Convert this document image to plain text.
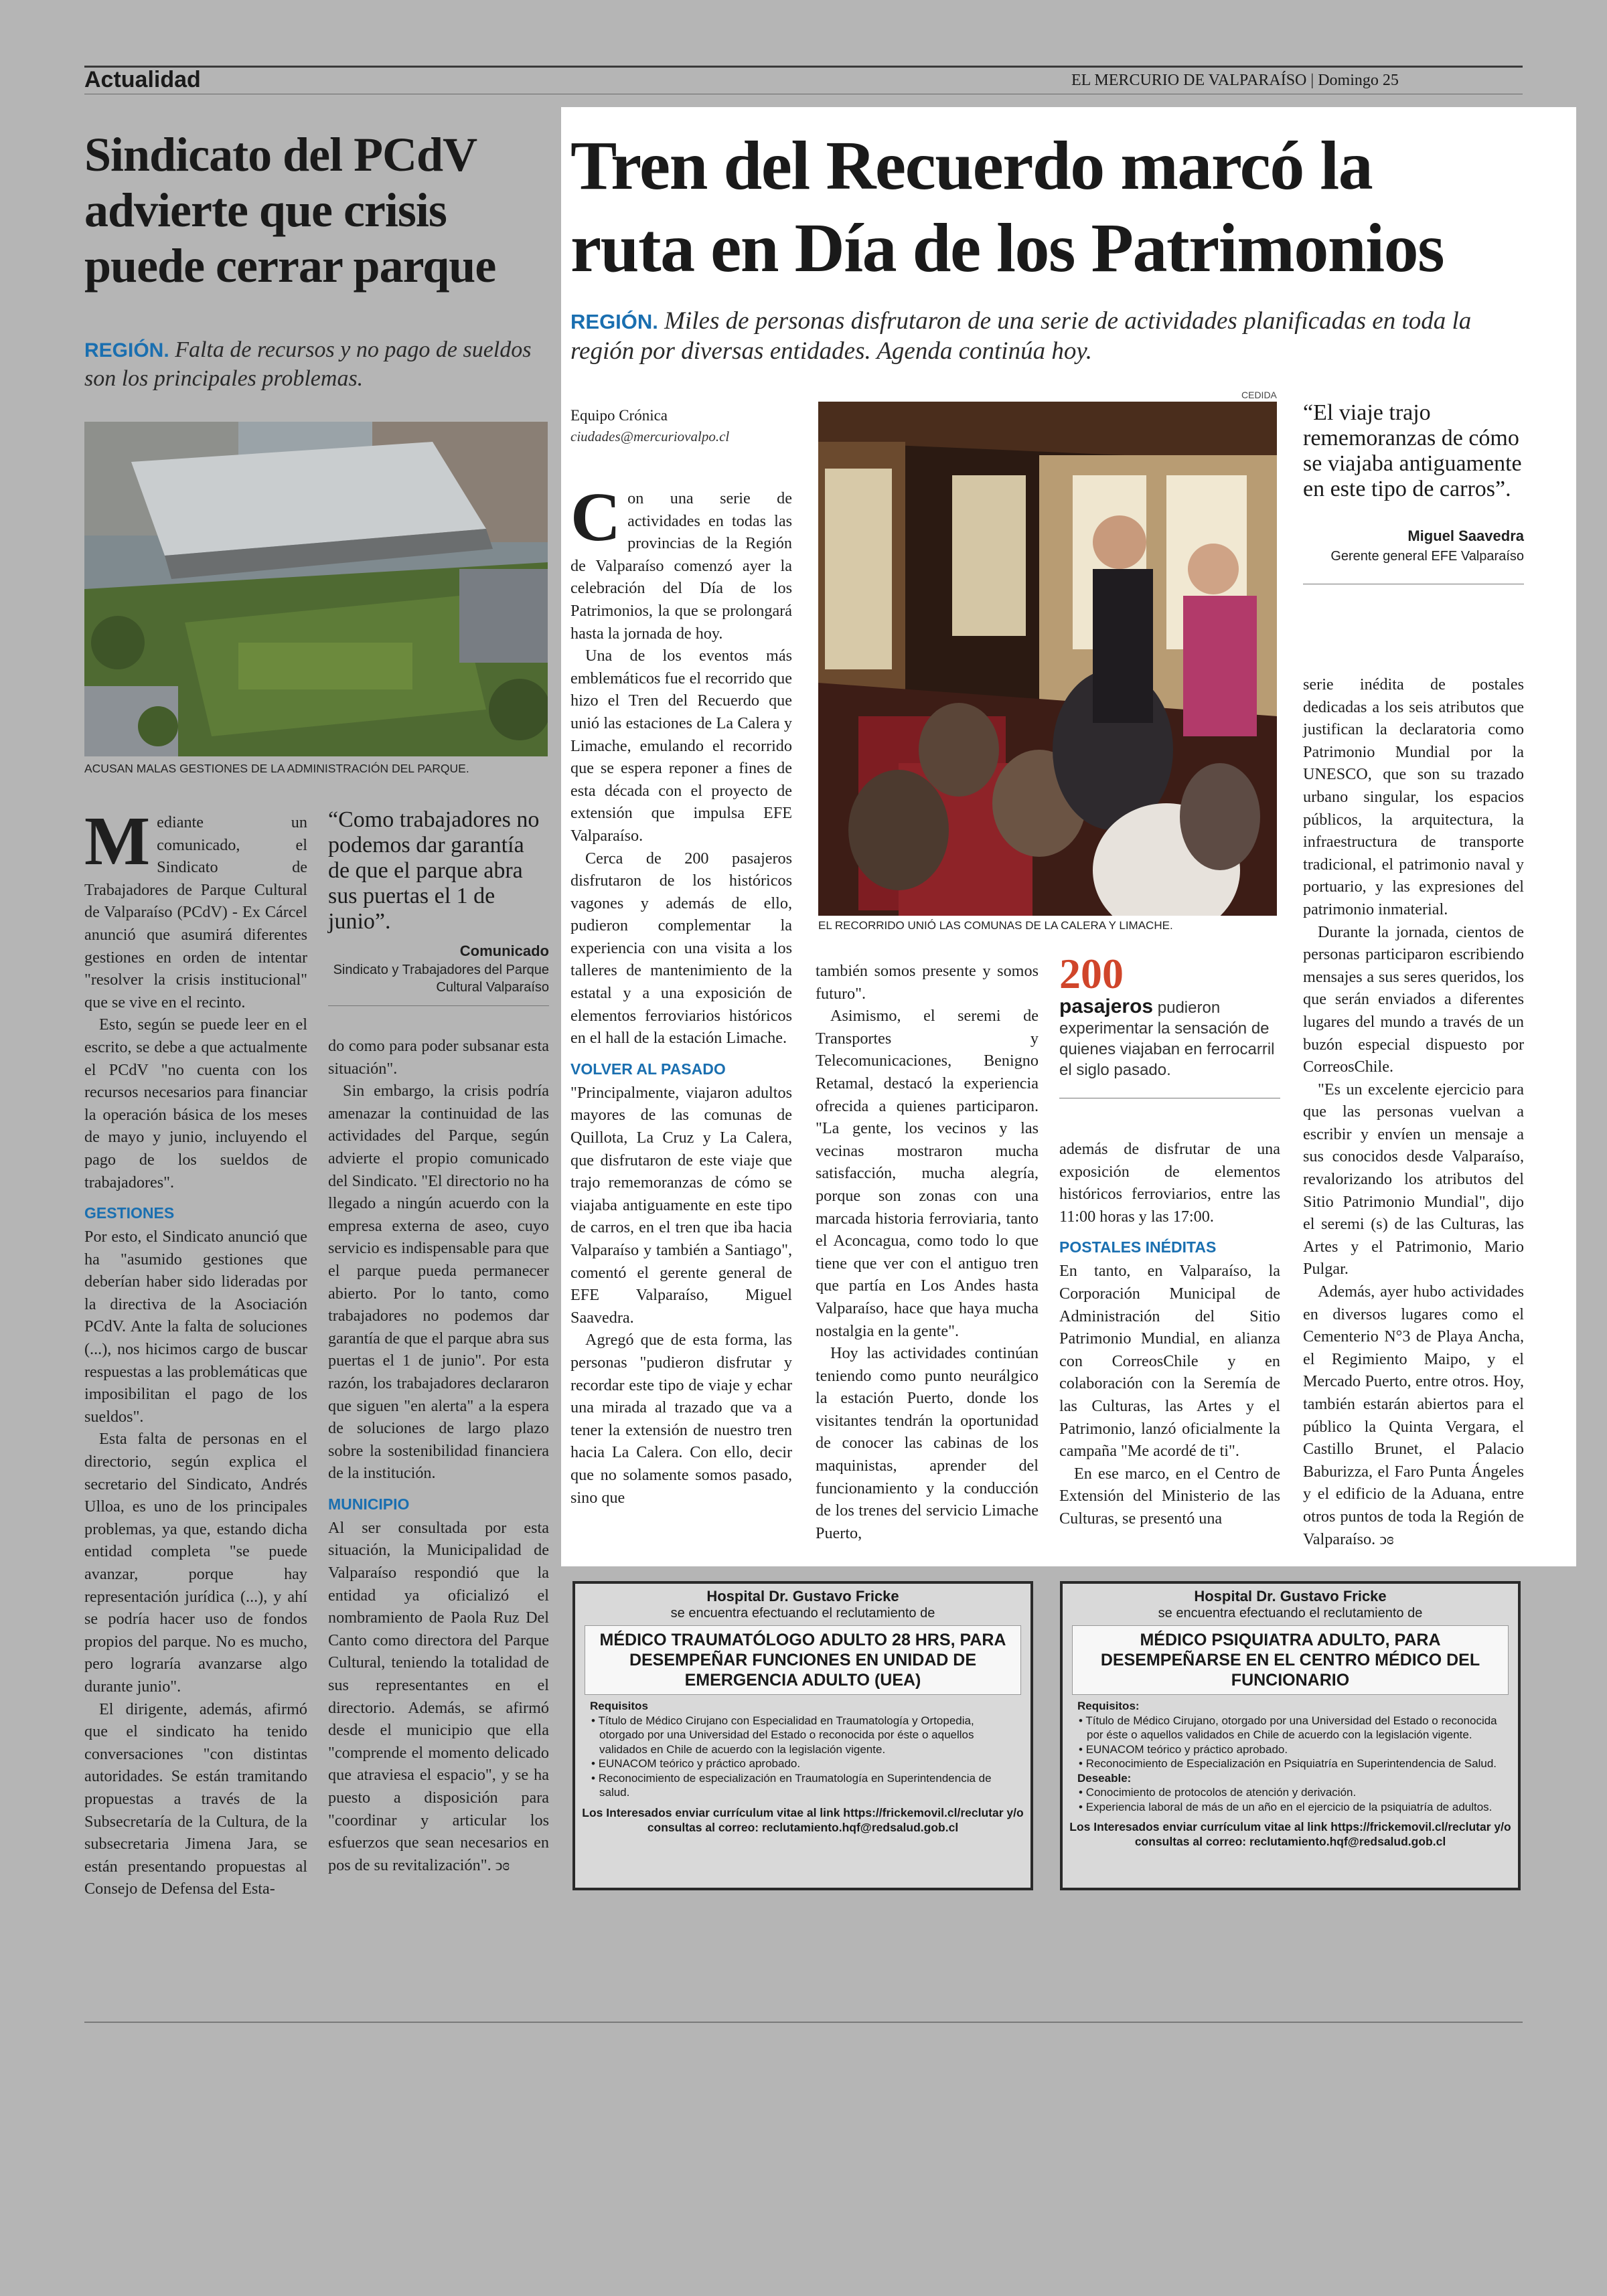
Actualidad	EL MERCURIO DE VALPARAÍSO | Domingo 25
Sindicato del PCdV
advierte que crisis
puede cerrar parque
REGIÓN. Falta de recursos y no pago de sueldos son los principales problemas.
ACUSAN MALAS GESTIONES DE LA ADMINISTRACIÓN DEL PARQUE.

Mediante un comunicado, el Sindicato de Trabajadores de Parque Cultural de Valparaíso (PCdV) - Ex Cárcel anunció que asumirá diferentes gestiones en orden de intentar "resolver la crisis institucional" que se vive en el recinto.

Esto, según se puede leer en el escrito, se debe a que actualmente el PCdV "no cuenta con los recursos necesarios para financiar la operación básica de los meses de mayo y junio, incluyendo el pago de los sueldos de trabajadores".

GESTIONES

Por esto, el Sindicato anunció que ha "asumido gestiones que deberían haber sido lideradas por la directiva de la Asociación PCdV. Ante la falta de soluciones (...), nos hicimos cargo de buscar respuestas a las problemáticas que imposibilitan el pago de los sueldos".

Esta falta de personas en el directorio, según explica el secretario del Sindicato, Andrés Ulloa, es uno de los principales problemas, ya que, estando dicha entidad completa "se puede avanzar, porque hay representación jurídica (...), y ahí se podría hacer uso de fondos propios del parque. No es mucho, pero lograría avanzarse algo durante junio".

El dirigente, además, afirmó que el sindicato ha tenido conversaciones "con distintas autoridades. Se están tramitando propuestas a través de la Subsecretaría de la Cultura, de la subsecretaria Jimena Jara, se están presentando propuestas al Consejo de Defensa del Esta-

“Como trabajadores no podemos dar garantía de que el parque abra sus puertas el 1 de junio”.
Comunicado
Sindicato y Trabajadores del Parque Cultural Valparaíso

do como para poder subsanar esta situación".

Sin embargo, la crisis podría amenazar la continuidad de las actividades del Parque, según advierte el propio comunicado del Sindicato. "El directorio no ha llegado a ningún acuerdo con la empresa externa de aseo, cuyo servicio es indispensable para que el parque pueda permanecer abierto. Por lo tanto, como trabajadores no podemos dar garantía de que el parque abra sus puertas el 1 de junio". Por esta razón, los trabajadores declararon que siguen "en alerta" a la espera de soluciones de largo plazo sobre la sostenibilidad financiera de la institución.

MUNICIPIO

Al ser consultada por esta situación, la Municipalidad de Valparaíso respondió que la entidad ya oficializó el nombramiento de Paola Ruz Del Canto como directora del Parque Cultural, teniendo la totalidad de sus representantes en el directorio. Además, se afirmó desde el municipio que ella "comprende el momento delicado que atraviesa el espacio", y se ha puesto a disposición para "coordinar y articular los esfuerzos que sean necesarios en pos de su revitalización". ↄɞ

Tren del Recuerdo marcó la
ruta en Día de los Patrimonios
REGIÓN. Miles de personas disfrutaron de una serie de actividades planificadas en toda la región por diversas entidades. Agenda continúa hoy.
Equipo Crónica
ciudades@mercuriovalpo.cl
CEDIDA
EL RECORRIDO UNIÓ LAS COMUNAS DE LA CALERA Y LIMACHE.
“El viaje trajo rememoranzas de cómo se viajaba antiguamente en este tipo de carros”.
Miguel Saavedra
Gerente general EFE Valparaíso

Con una serie de actividades en todas las provincias de la Región de Valparaíso comenzó ayer la celebración del Día de los Patrimonios, la que se prolongará hasta la jornada de hoy.

Una de los eventos más emblemáticos fue el recorrido que hizo el Tren del Recuerdo que unió las estaciones de La Calera y Limache, emulando el recorrido que se espera reponer a fines de esta década con el proyecto de extensión que impulsa EFE Valparaíso.

Cerca de 200 pasajeros disfrutaron de los históricos vagones y además de ello, pudieron complementar la experiencia con una visita a los talleres de mantenimiento de la estatal y a una exposición de elementos ferroviarios históricos en el hall de la estación Limache.

VOLVER AL PASADO

"Principalmente, viajaron adultos mayores de las comunas de Quillota, La Cruz y La Calera, que disfrutaron de este viaje que trajo rememoranzas de cómo se viajaba antiguamente en este tipo de carros, en el tren que iba hacia Valparaíso y también a Santiago", comentó el gerente general de EFE Valparaíso, Miguel Saavedra.

Agregó que de esta forma, las personas "pudieron disfrutar y recordar este tipo de viaje y echar una mirada al trazado que va a tener la extensión de nuestro tren hacia La Calera. Con ello, decir que no solamente somos pasado, sino que

también somos presente y somos futuro".

Asimismo, el seremi de Transportes y Telecomunicaciones, Benigno Retamal, destacó la experiencia ofrecida a quienes participaron. "La gente, los vecinos y las vecinas mostraron mucha satisfacción, mucha alegría, porque son zonas con una marcada historia ferroviaria, tanto el Aconcagua, como todo lo que tiene que ver con el antiguo tren que partía en Los Andes hasta Valparaíso, hace que haya mucha nostalgia en la gente".

Hoy las actividades continúan teniendo como punto neurálgico la estación Puerto, donde los visitantes tendrán la oportunidad de conocer las cabinas de los maquinistas, aprender del funcionamiento y la conducción de los trenes del servicio Limache Puerto,

200
pasajeros pudieron experimentar la sensación de quienes viajaban en ferrocarril el siglo pasado.

además de disfrutar de una exposición de elementos históricos ferroviarios, entre las 11:00 horas y las 17:00.

POSTALES INÉDITAS

En tanto, en Valparaíso, la Corporación Municipal de Administración del Sitio Patrimonio Mundial, en alianza con CorreosChile y en colaboración con la Seremía de las Culturas, las Artes y el Patrimonio, lanzó oficialmente la campaña "Me acordé de ti".

En ese marco, en el Centro de Extensión del Ministerio de las Culturas, se presentó una

serie inédita de postales dedicadas a los seis atributos que justifican la declaratoria como Patrimonio Mundial por la UNESCO, que son su trazado urbano singular, los espacios públicos, la arquitectura, la infraestructura de transporte tradicional, el patrimonio naval y portuario, y las expresiones del patrimonio inmaterial.

Durante la jornada, cientos de personas participaron escribiendo mensajes a sus seres queridos, los que serán enviados a diferentes lugares del mundo a través de un buzón especial dispuesto por CorreosChile.

"Es un excelente ejercicio para que las personas vuelvan a escribir y envíen un mensaje a sus conocidos desde Valparaíso, revalorizando los atributos del Sitio Patrimonio Mundial", dijo el seremi (s) de las Culturas, las Artes y el Patrimonio, Mario Pulgar.

Además, ayer hubo actividades en diversos lugares como el Cementerio N°3 de Playa Ancha, el Regimiento Maipo, y el Mercado Puerto, entre otros. Hoy, también estarán abiertos para el público la Quinta Vergara, el Castillo Brunet, el Palacio Baburizza, el Faro Punta Ángeles y el edificio de la Aduana, entre otros puntos de toda la Región de Valparaíso. ↄɞ

Hospital Dr. Gustavo Fricke
se encuentra efectuando el reclutamiento de
MÉDICO TRAUMATÓLOGO ADULTO 28 HRS, PARA DESEMPEÑAR FUNCIONES EN UNIDAD DE EMERGENCIA ADULTO (UEA)
Requisitos
• Título de Médico Cirujano con Especialidad en Traumatología y Ortopedia, otorgado por una Universidad del Estado o reconocida por éste o aquellos validados en Chile de acuerdo con la legislación vigente.
• EUNACOM teórico y práctico aprobado.
• Reconocimiento de especialización en Traumatología en Superintendencia de salud.
Los Interesados enviar currículum vitae al link https://frickemovil.cl/reclutar y/o consultas al correo: reclutamiento.hqf@redsalud.gob.cl
Hospital Dr. Gustavo Fricke
se encuentra efectuando el reclutamiento de
MÉDICO PSIQUIATRA ADULTO, PARA DESEMPEÑARSE EN EL CENTRO MÉDICO DEL FUNCIONARIO
Requisitos:
• Título de Médico Cirujano, otorgado por una Universidad del Estado o reconocida por éste o aquellos validados en Chile de acuerdo con la legislación vigente.
• EUNACOM teórico y práctico aprobado.
• Reconocimiento de Especialización en Psiquiatría en Superintendencia de Salud.
Deseable:
• Conocimiento de protocolos de atención y derivación.
• Experiencia laboral de más de un año en el ejercicio de la psiquiatría de adultos.
Los Interesados enviar currículum vitae al link https://frickemovil.cl/reclutar y/o consultas al correo: reclutamiento.hqf@redsalud.gob.cl
